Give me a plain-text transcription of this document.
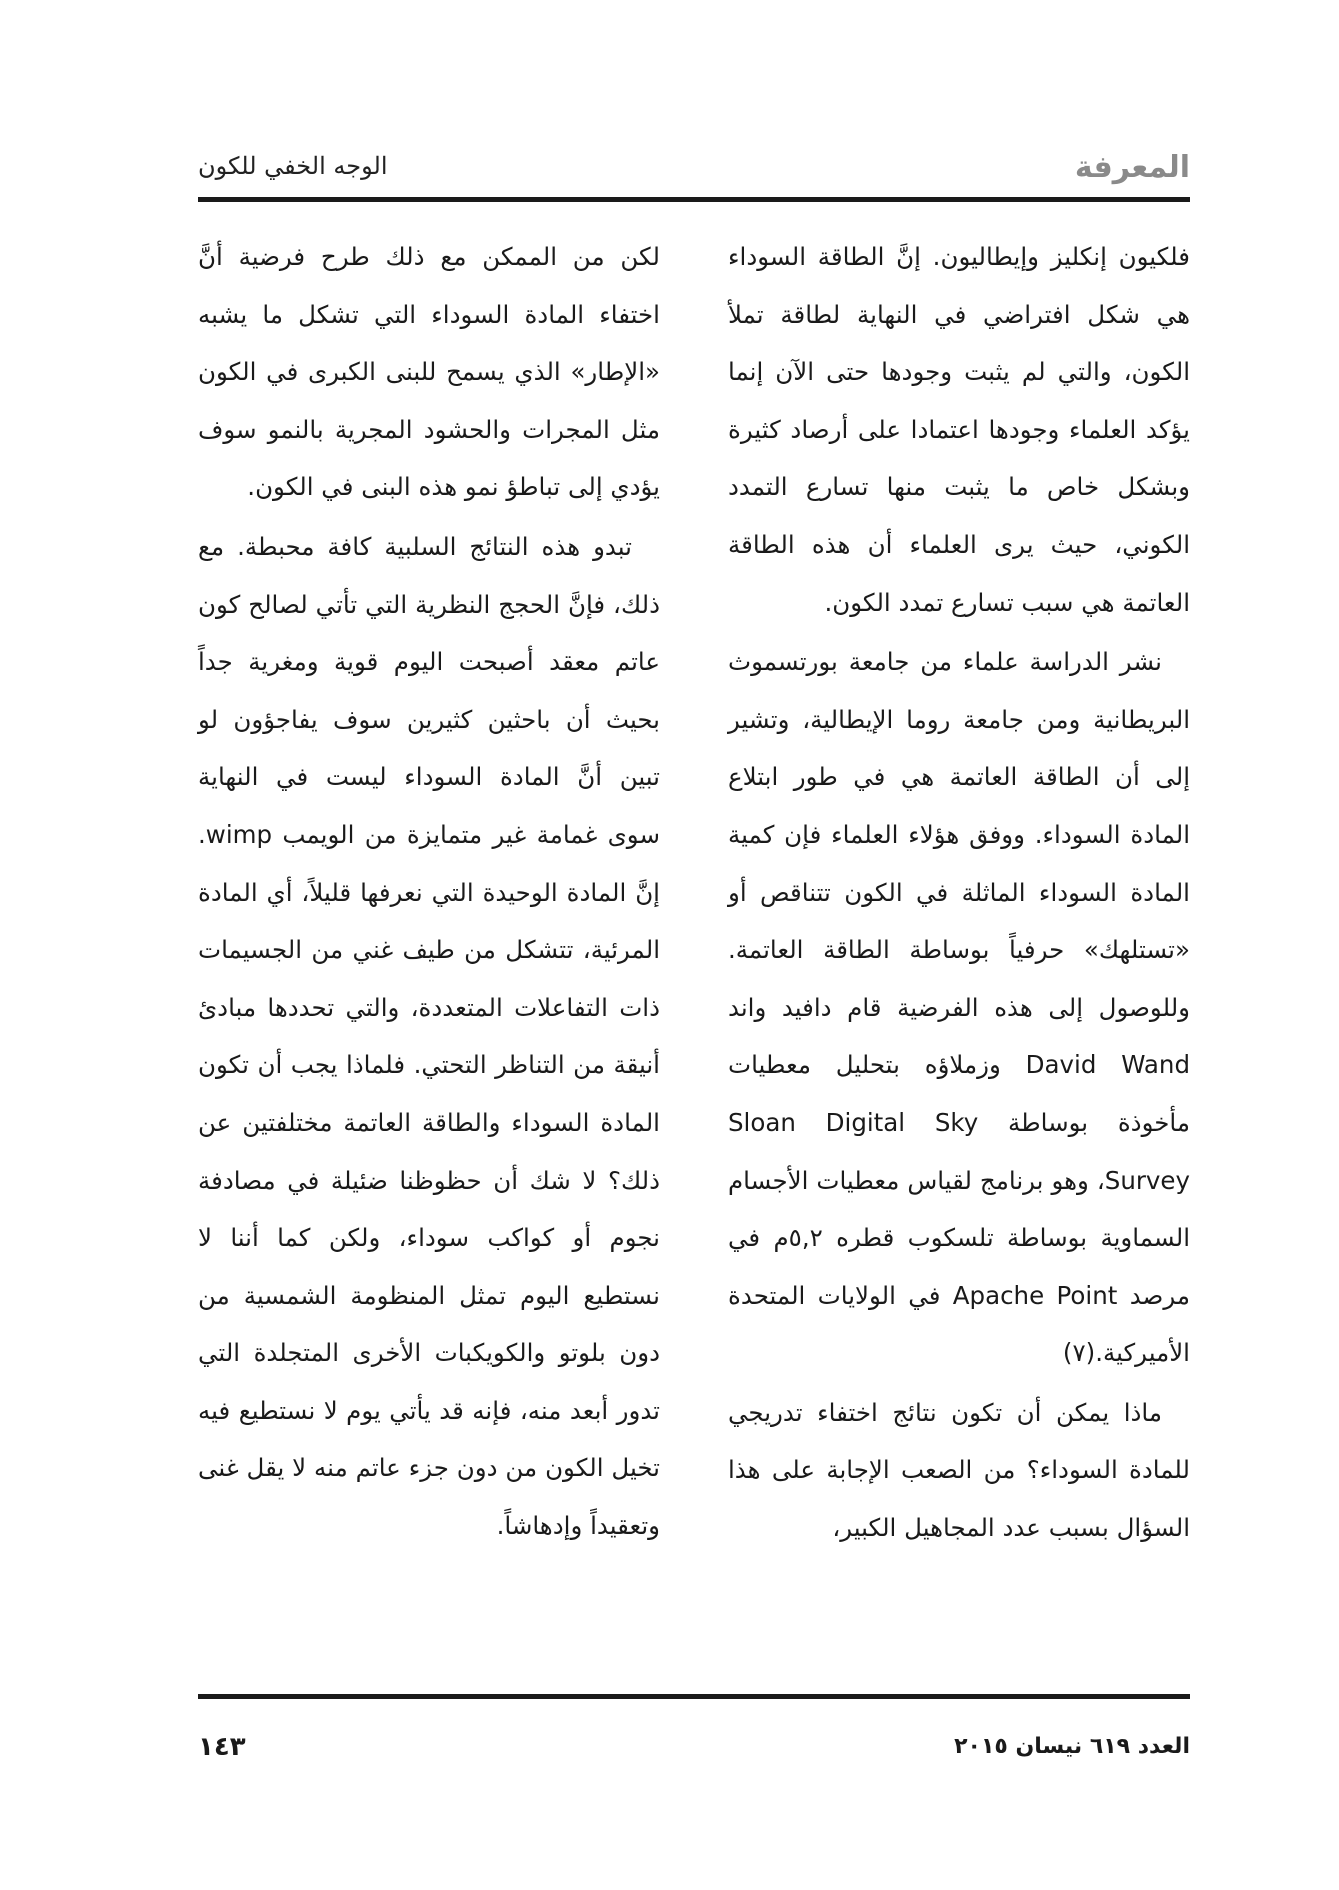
المعرفة
الوجه الخفي للكون

فلكيون إنكليز وإيطاليون. إنَّ الطاقة السوداء هي شكل افتراضي في النهاية لطاقة تملأ الكون، والتي لم يثبت وجودها حتى الآن إنما يؤكد العلماء وجودها اعتمادا على أرصاد كثيرة وبشكل خاص ما يثبت منها تسارع التمدد الكوني، حيث يرى العلماء أن هذه الطاقة العاتمة هي سبب تسارع تمدد الكون.

نشر الدراسة علماء من جامعة بورتسموث البريطانية ومن جامعة روما الإيطالية، وتشير إلى أن الطاقة العاتمة هي في طور ابتلاع المادة السوداء. ووفق هؤلاء العلماء فإن كمية المادة السوداء الماثلة في الكون تتناقص أو «تستلهك» حرفياً بوساطة الطاقة العاتمة. وللوصول إلى هذه الفرضية قام دافيد واند David Wand وزملاؤه بتحليل معطيات مأخوذة بوساطة Sloan Digital Sky Survey، وهو برنامج لقياس معطيات الأجسام السماوية بوساطة تلسكوب قطره ٥,٢م في مرصد Apache Point في الولايات المتحدة الأميركية.(٧)

ماذا يمكن أن تكون نتائج اختفاء تدريجي للمادة السوداء؟ من الصعب الإجابة على هذا السؤال بسبب عدد المجاهيل الكبير،

لكن من الممكن مع ذلك طرح فرضية أنَّ اختفاء المادة السوداء التي تشكل ما يشبه «الإطار» الذي يسمح للبنى الكبرى في الكون مثل المجرات والحشود المجرية بالنمو سوف يؤدي إلى تباطؤ نمو هذه البنى في الكون.

تبدو هذه النتائج السلبية كافة محبطة. مع ذلك، فإنَّ الحجج النظرية التي تأتي لصالح كون عاتم معقد أصبحت اليوم قوية ومغرية جداً بحيث أن باحثين كثيرين سوف يفاجؤون لو تبين أنَّ المادة السوداء ليست في النهاية سوى غمامة غير متمايزة من الويمب wimp. إنَّ المادة الوحيدة التي نعرفها قليلاً، أي المادة المرئية، تتشكل من طيف غني من الجسيمات ذات التفاعلات المتعددة، والتي تحددها مبادئ أنيقة من التناظر التحتي. فلماذا يجب أن تكون المادة السوداء والطاقة العاتمة مختلفتين عن ذلك؟ لا شك أن حظوظنا ضئيلة في مصادفة نجوم أو كواكب سوداء، ولكن كما أننا لا نستطيع اليوم تمثل المنظومة الشمسية من دون بلوتو والكويكبات الأخرى المتجلدة التي تدور أبعد منه، فإنه قد يأتي يوم لا نستطيع فيه تخيل الكون من دون جزء عاتم منه لا يقل غنى وتعقيداً وإدهاشاً.

العدد ٦١٩ نيسان ٢٠١٥
١٤٣
